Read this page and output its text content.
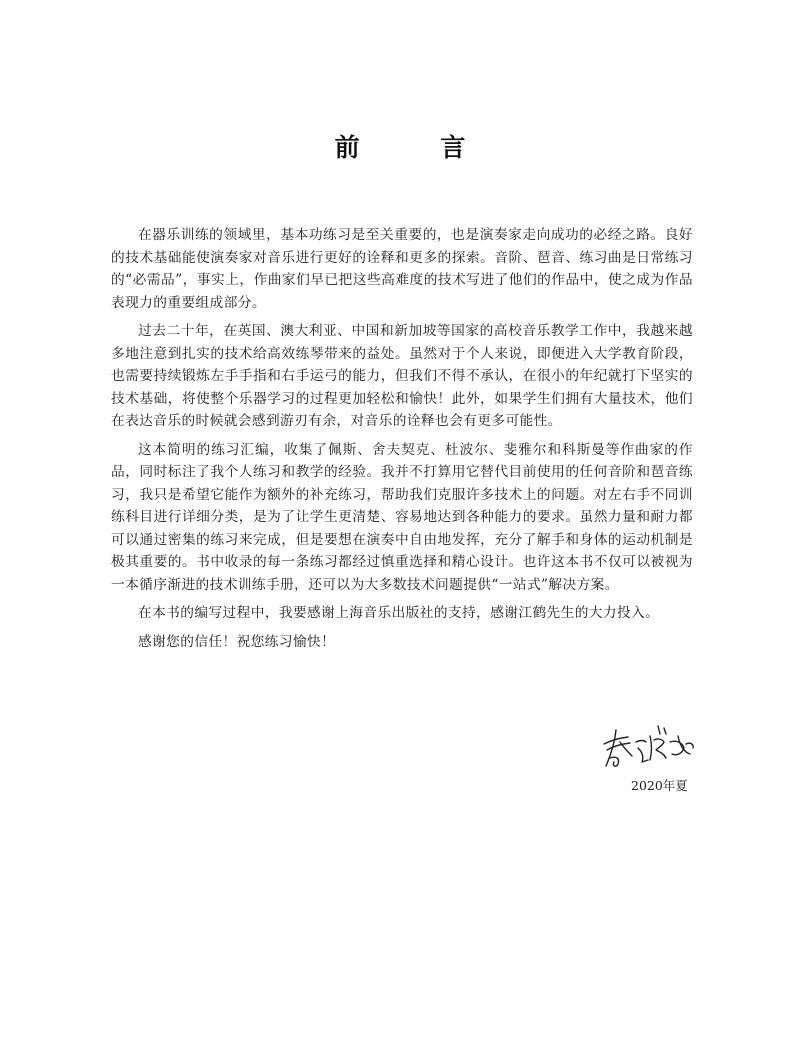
前 言

在器乐训练的领域里，基本功练习是至关重要的，也是演奏家走向成功的必经之路。良好的技术基础能使演奏家对音乐进行更好的诠释和更多的探索。音阶、琶音、练习曲是日常练习的“必需品”，事实上，作曲家们早已把这些高难度的技术写进了他们的作品中，使之成为作品表现力的重要组成部分。

过去二十年，在英国、澳大利亚、中国和新加坡等国家的高校音乐教学工作中，我越来越多地注意到扎实的技术给高效练琴带来的益处。虽然对于个人来说，即便进入大学教育阶段，也需要持续锻炼左手手指和右手运弓的能力，但我们不得不承认，在很小的年纪就打下坚实的技术基础，将使整个乐器学习的过程更加轻松和愉快！此外，如果学生们拥有大量技术，他们在表达音乐的时候就会感到游刃有余，对音乐的诠释也会有更多可能性。

这本简明的练习汇编，收集了佩斯、舍夫契克、杜波尔、斐雅尔和科斯曼等作曲家的作品，同时标注了我个人练习和教学的经验。我并不打算用它替代目前使用的任何音阶和琶音练习，我只是希望它能作为额外的补充练习，帮助我们克服许多技术上的问题。对左右手不同训练科目进行详细分类，是为了让学生更清楚、容易地达到各种能力的要求。虽然力量和耐力都可以通过密集的练习来完成，但是要想在演奏中自由地发挥，充分了解手和身体的运动机制是极其重要的。书中收录的每一条练习都经过慎重选择和精心设计。也许这本书不仅可以被视为一本循序渐进的技术训练手册，还可以为大多数技术问题提供“一站式”解决方案。

在本书的编写过程中，我要感谢上海音乐出版社的支持，感谢江鹤先生的大力投入。

感谢您的信任！祝您练习愉快！

2020年夏
